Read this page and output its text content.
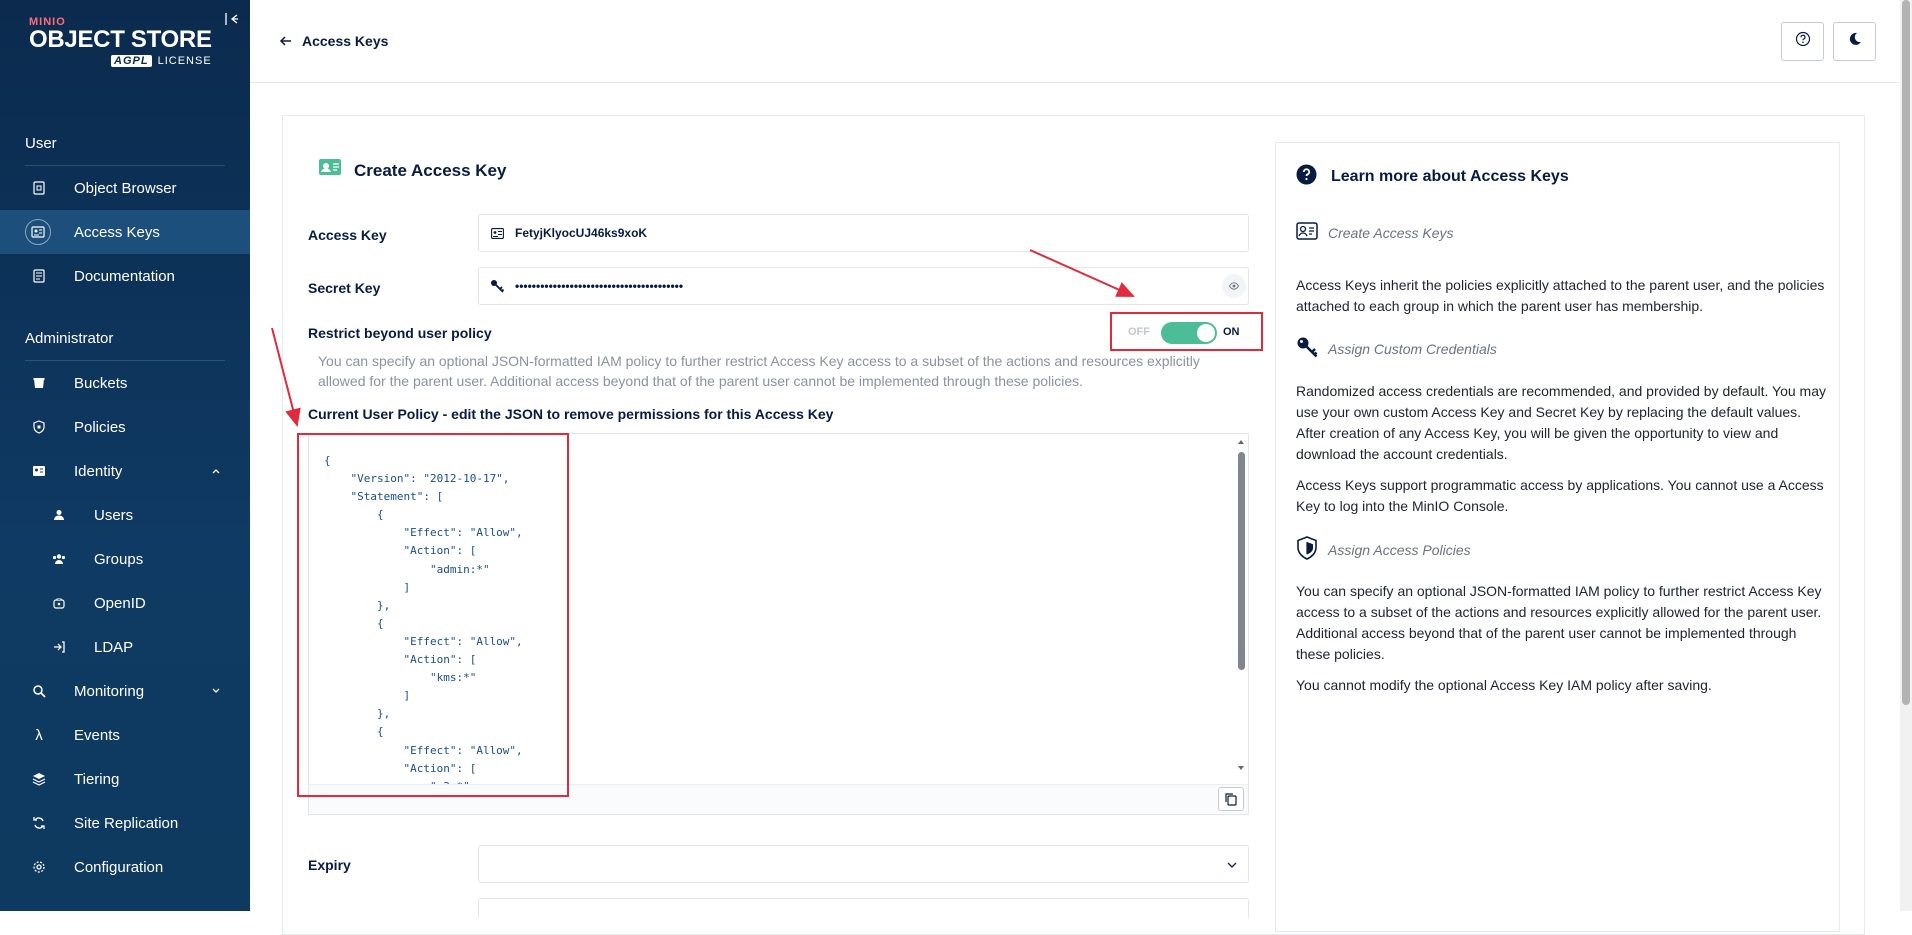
MINIO
OBJECT STORE
AGPL LICENSE
User
Object Browser
Access Keys
Documentation
Administrator
Buckets
Policies
Identity
Users
Groups
OpenID
LDAP
Monitoring
λ	Events
Tiering
Site Replication
Configuration
Access Keys
Create Access Key
Access Key	FetyjKlyocUJ46ks9xoK
Secret Key	••••••••••••••••••••••••••••••••••••••••
Restrict beyond user policy	OFF	ON

You can specify an optional JSON-formatted IAM policy to further restrict Access Key access to a subset of the actions and resources explicitly allowed for the parent user. Additional access beyond that of the parent user cannot be implemented through these policies.

Current User Policy - edit the JSON to remove permissions for this Access Key
{
"Version": "2012-10-17",
"Statement": [
{
"Effect": "Allow",
"Action": [
"admin:*"
]
},
{
"Effect": "Allow",
"Action": [
"kms:*"
]
},
{
"Effect": "Allow",
"Action": [

Expiry
Learn more about Access Keys
Create Access Keys

Access Keys inherit the policies explicitly attached to the parent user, and the policies attached to each group in which the parent user has membership.

Assign Custom Credentials

Randomized access credentials are recommended, and provided by default. You may use your own custom Access Key and Secret Key by replacing the default values. After creation of any Access Key, you will be given the opportunity to view and download the account credentials.

Access Keys support programmatic access by applications. You cannot use a Access Key to log into the MinIO Console.

Assign Access Policies

You can specify an optional JSON-formatted IAM policy to further restrict Access Key access to a subset of the actions and resources explicitly allowed for the parent user. Additional access beyond that of the parent user cannot be implemented through these policies.

You cannot modify the optional Access Key IAM policy after saving.
